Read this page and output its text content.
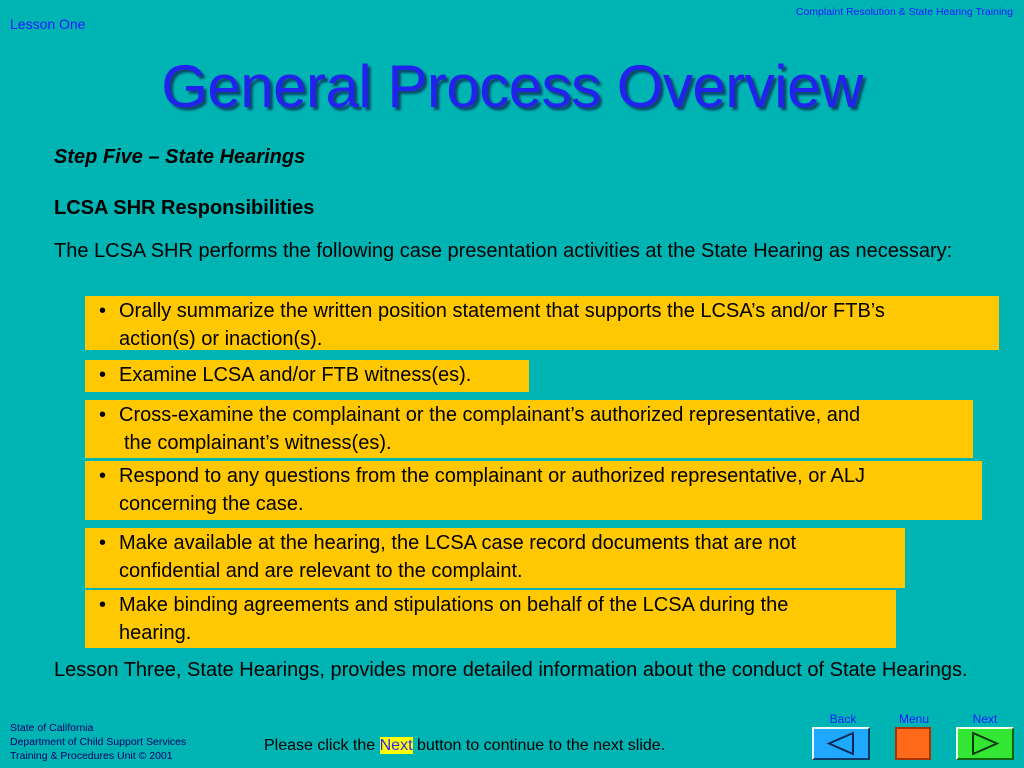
Lesson One
Complaint Resolution & State Hearing Training
General Process Overview
Step Five – State Hearings
LCSA SHR Responsibilities
The LCSA SHR performs the following case presentation activities at the State Hearing as necessary:
• Orally summarize the written position statement that supports the LCSA’s and/or FTB’s
action(s) or inaction(s).
• Examine LCSA and/or FTB witness(es).
• Cross-examine the complainant or the complainant’s authorized representative, and
the complainant’s witness(es).
• Respond to any questions from the complainant or authorized representative, or ALJ
concerning the case.
• Make available at the hearing, the LCSA case record documents that are not
confidential and are relevant to the complaint.
• Make binding agreements and stipulations on behalf of the LCSA during the
hearing.
Lesson Three, State Hearings, provides more detailed information about the conduct of State Hearings.
State of California
Department of Child Support Services
Training & Procedures Unit © 2001
Please click the Next button to continue to the next slide.
Back	Menu	Next
